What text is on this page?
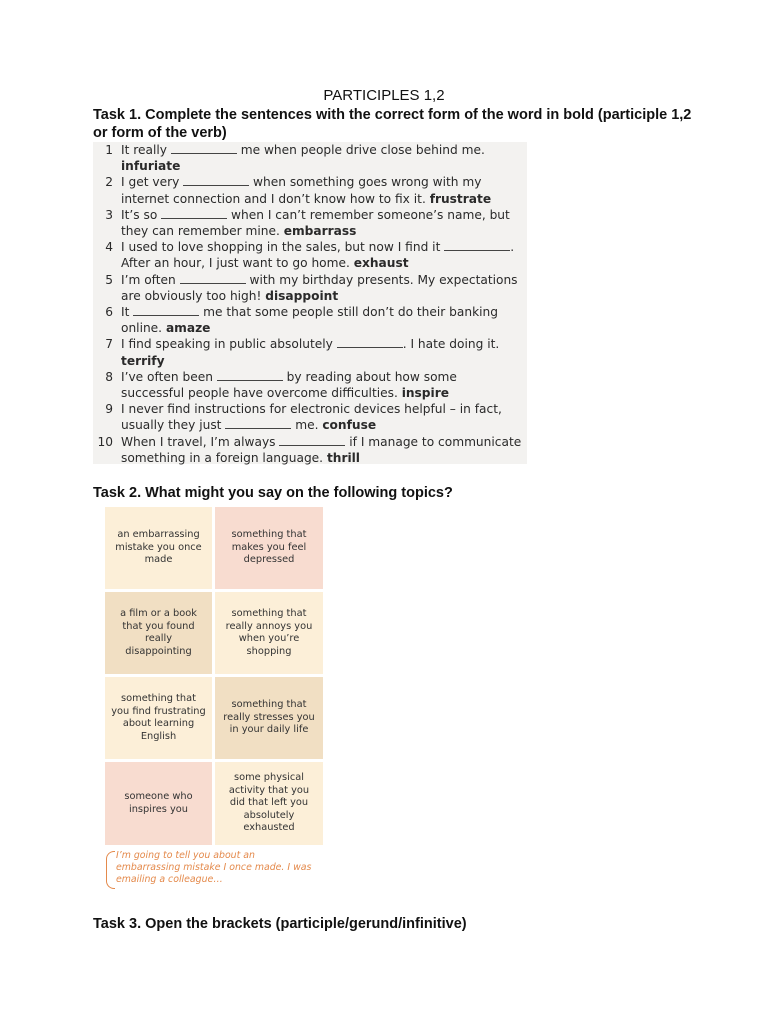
PARTICIPLES 1,2
Task 1. Complete the sentences with the correct form of the word in bold (participle 1,2 or form of the verb)
1 It really	me when people drive close behind me.
infuriate
2 I get very	when something goes wrong with my
internet connection and I don’t know how to fix it. frustrate
3 It’s so	when I can’t remember someone’s name, but
they can remember mine. embarrass
4 I used to love shopping in the sales, but now I find it	.
After an hour, I just want to go home. exhaust
5 I’m often	with my birthday presents. My expectations
are obviously too high! disappoint
6 It	me that some people still don’t do their banking
online. amaze
7 I find speaking in public absolutely	. I hate doing it.
terrify
8 I’ve often been	by reading about how some
successful people have overcome difficulties. inspire
9 I never find instructions for electronic devices helpful – in fact,
usually they just	me. confuse
10 When I travel, I’m always	if I manage to communicate
something in a foreign language. thrill
Task 2. What might you say on the following topics?
an embarrassing mistake you once made
something that makes you feel depressed
a film or a book that you found really disappointing
something that really annoys you when you’re shopping
something that you find frustrating about learning English
something that really stresses you in your daily life
someone who inspires you
some physical activity that you did that left you absolutely exhausted
I’m going to tell you about an embarrassing mistake I once made. I was emailing a colleague…
Task 3. Open the brackets (participle/gerund/infinitive)
